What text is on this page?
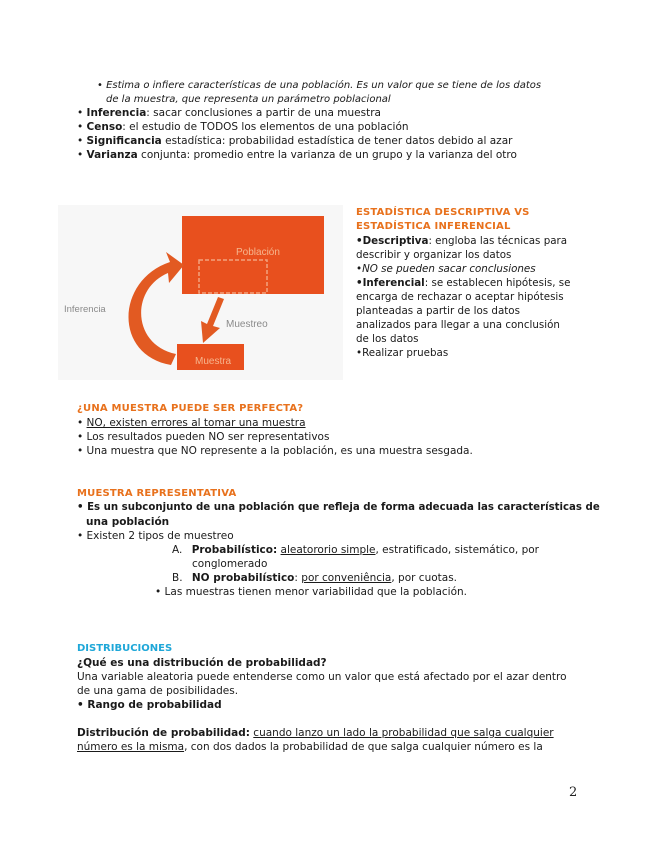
• Estima o infiere características de una población. Es un valor que se tiene de los datos
de la muestra, que representa un parámetro poblacional
• Inferencia: sacar conclusiones a partir de una muestra
• Censo: el estudio de TODOS los elementos de una población
• Significancia estadística: probabilidad estadística de tener datos debido al azar
• Varianza conjunta: promedio entre la varianza de un grupo y la varianza del otro
Población
Muestreo
Muestra
Inferencia
ESTADÍSTICA DESCRIPTIVA VS
ESTADÍSTICA INFERENCIAL
•Descriptiva: engloba las técnicas para
describir y organizar los datos
•NO se pueden sacar conclusiones
•Inferencial: se establecen hipótesis, se
encarga de rechazar o aceptar hipótesis
planteadas a partir de los datos
analizados para llegar a una conclusión
de los datos
•Realizar pruebas
¿UNA MUESTRA PUEDE SER PERFECTA?
• NO, existen errores al tomar una muestra
• Los resultados pueden NO ser representativos
• Una muestra que NO represente a la población, es una muestra sesgada.
MUESTRA REPRESENTATIVA
• Es un subconjunto de una población que refleja de forma adecuada las características de
una población
• Existen 2 tipos de muestreo
A. Probabilístico: aleatororio simple, estratificado, sistemático, por
conglomerado
B. NO probabilístico: por conveniência, por cuotas.
• Las muestras tienen menor variabilidad que la población.
DISTRIBUCIONES
¿Qué es una distribución de probabilidad?
Una variable aleatoria puede entenderse como un valor que está afectado por el azar dentro
de una gama de posibilidades.
• Rango de probabilidad
Distribución de probabilidad: cuando lanzo un lado la probabilidad que salga cualquier
número es la misma, con dos dados la probabilidad de que salga cualquier número es la
2
